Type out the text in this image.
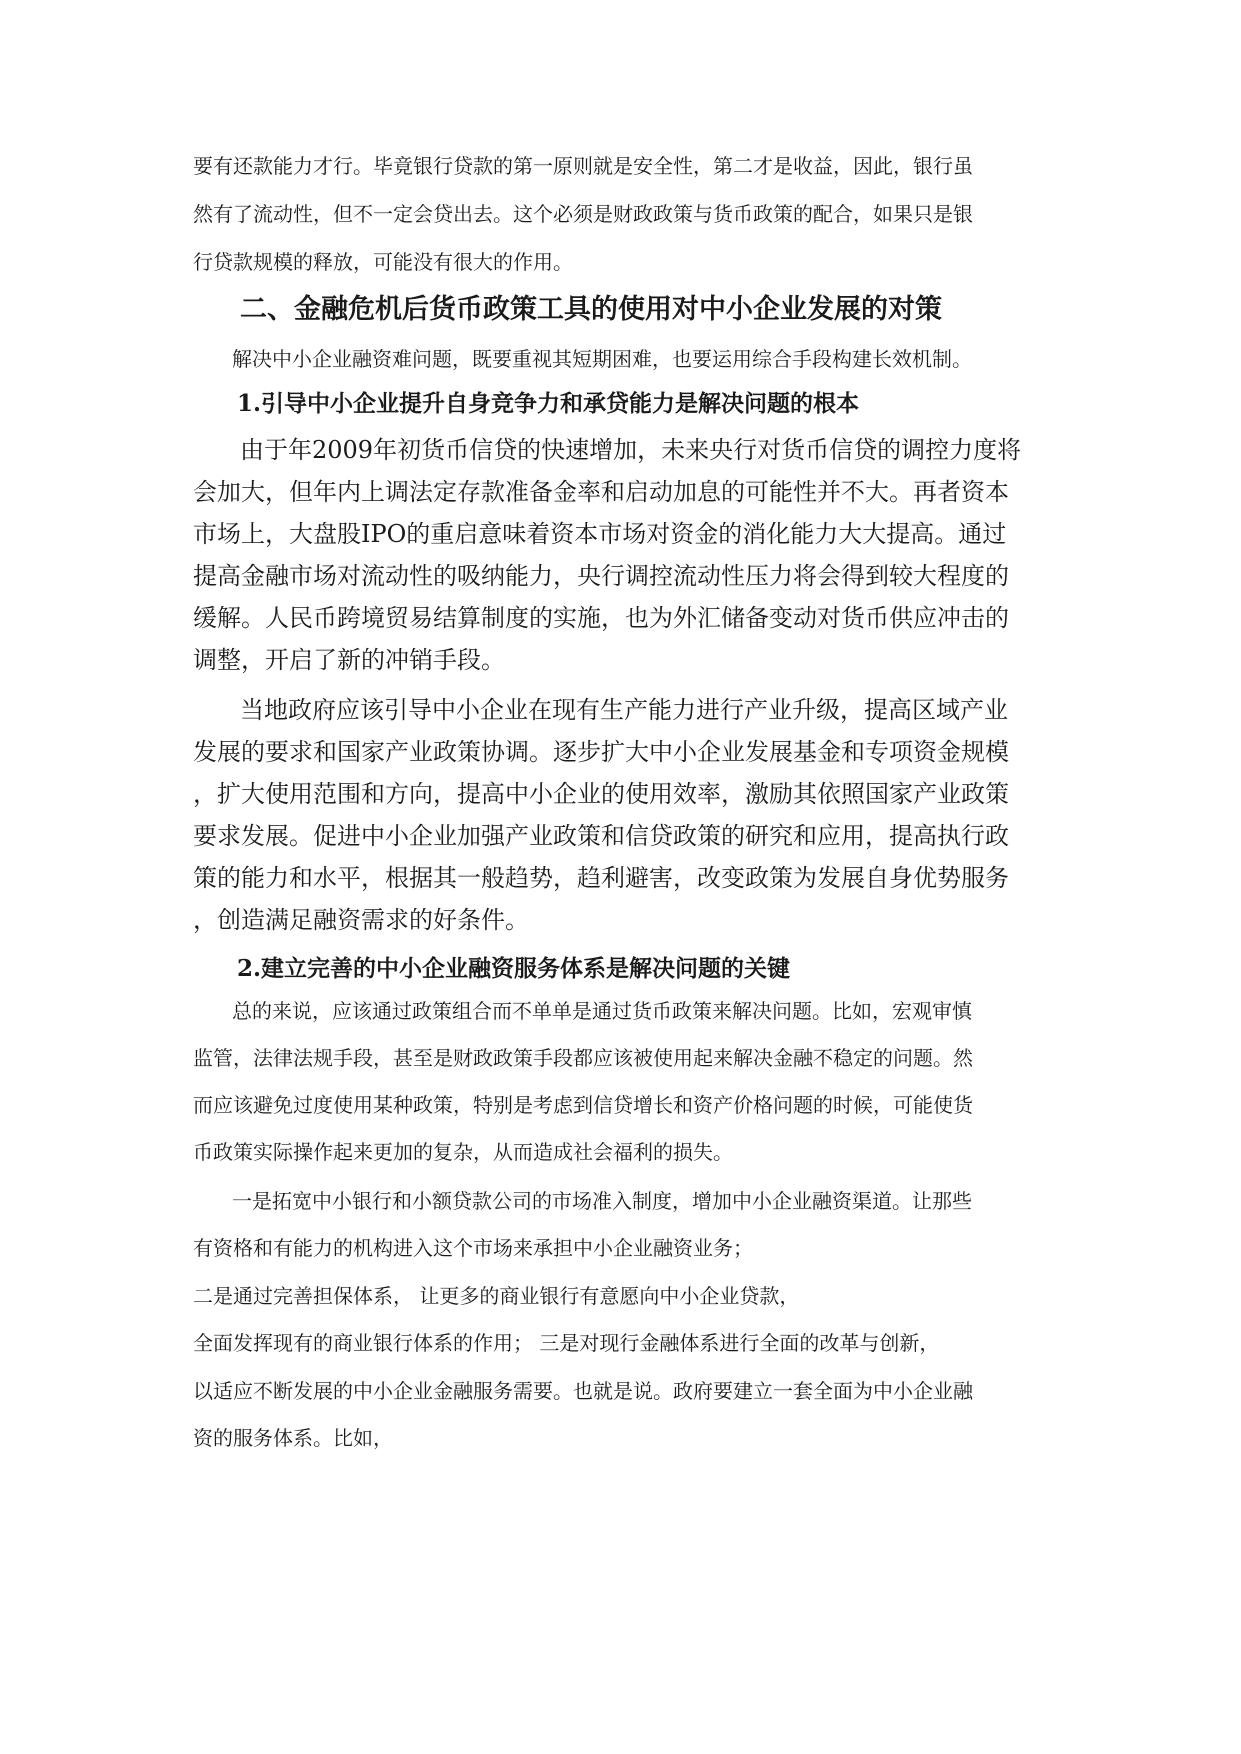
要有还款能力才行。毕竟银行贷款的第一原则就是安全性，第二才是收益，因此，银行虽

然有了流动性，但不一定会贷出去。这个必须是财政政策与货币政策的配合，如果只是银

行贷款规模的释放，可能没有很大的作用。

二、金融危机后货币政策工具的使用对中小企业发展的对策

解决中小企业融资难问题，既要重视其短期困难，也要运用综合手段构建长效机制。

1.引导中小企业提升自身竞争力和承贷能力是解决问题的根本

由于年2009年初货币信贷的快速增加，未来央行对货币信贷的调控力度将

会加大，但年内上调法定存款准备金率和启动加息的可能性并不大。再者资本

市场上，大盘股IPO的重启意味着资本市场对资金的消化能力大大提高。通过

提高金融市场对流动性的吸纳能力，央行调控流动性压力将会得到较大程度的

缓解。人民币跨境贸易结算制度的实施，也为外汇储备变动对货币供应冲击的

调整，开启了新的冲销手段。

当地政府应该引导中小企业在现有生产能力进行产业升级，提高区域产业

发展的要求和国家产业政策协调。逐步扩大中小企业发展基金和专项资金规模

，扩大使用范围和方向，提高中小企业的使用效率，激励其依照国家产业政策

要求发展。促进中小企业加强产业政策和信贷政策的研究和应用，提高执行政

策的能力和水平，根据其一般趋势，趋利避害，改变政策为发展自身优势服务

，创造满足融资需求的好条件。

2.建立完善的中小企业融资服务体系是解决问题的关键

总的来说，应该通过政策组合而不单单是通过货币政策来解决问题。比如，宏观审慎

监管，法律法规手段，甚至是财政政策手段都应该被使用起来解决金融不稳定的问题。然

而应该避免过度使用某种政策，特别是考虑到信贷增长和资产价格问题的时候，可能使货

币政策实际操作起来更加的复杂，从而造成社会福利的损失。

一是拓宽中小银行和小额贷款公司的市场准入制度，增加中小企业融资渠道。让那些

有资格和有能力的机构进入这个市场来承担中小企业融资业务；

二是通过完善担保体系， 让更多的商业银行有意愿向中小企业贷款，

全面发挥现有的商业银行体系的作用； 三是对现行金融体系进行全面的改革与创新，

以适应不断发展的中小企业金融服务需要。也就是说。政府要建立一套全面为中小企业融

资的服务体系。比如，
